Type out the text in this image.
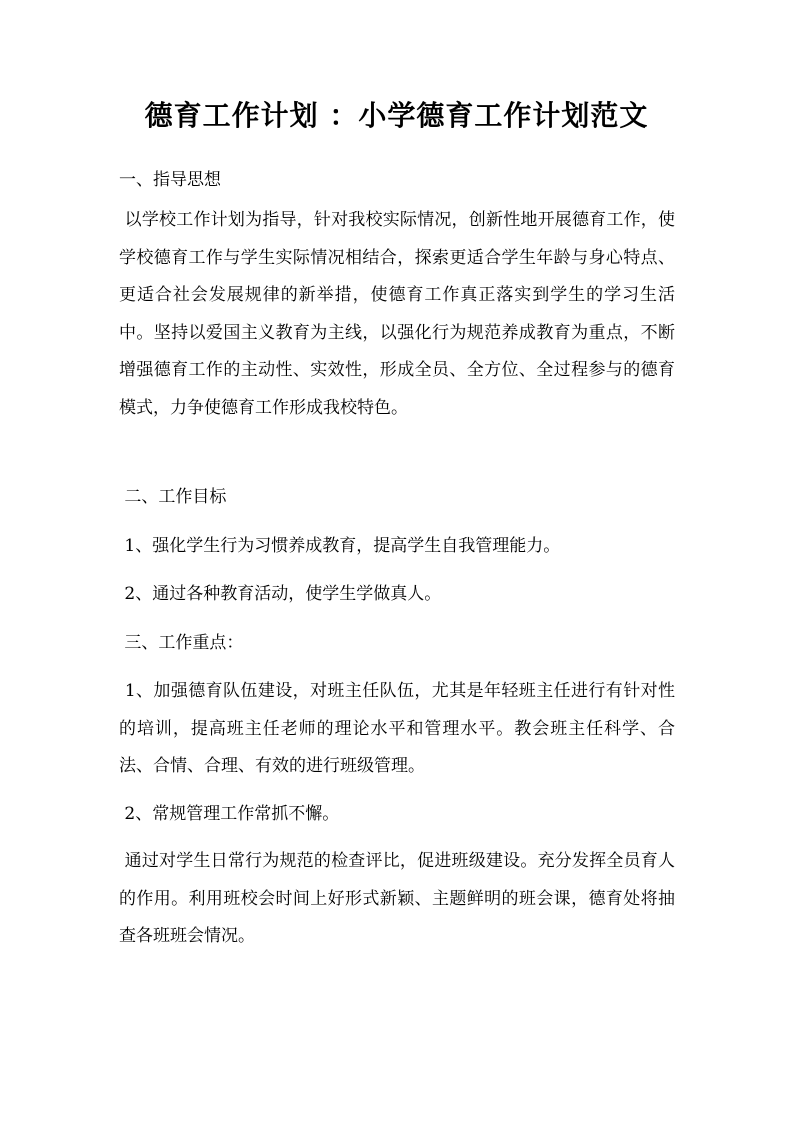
德育工作计划 ：小学德育工作计划范文
一、指导思想
以学校工作计划为指导，针对我校实际情况，创新性地开展德育工作，使学校德育工作与学生实际情况相结合，探索更适合学生年龄与身心特点、更适合社会发展规律的新举措，使德育工作真正落实到学生的学习生活中。坚持以爱国主义教育为主线，以强化行为规范养成教育为重点，不断增强德育工作的主动性、实效性，形成全员、全方位、全过程参与的德育模式，力争使德育工作形成我校特色。
二、工作目标
1、强化学生行为习惯养成教育，提高学生自我管理能力。
2、通过各种教育活动，使学生学做真人。
三、工作重点：
1、加强德育队伍建设，对班主任队伍，尤其是年轻班主任进行有针对性的培训，提高班主任老师的理论水平和管理水平。教会班主任科学、合法、合情、合理、有效的进行班级管理。
2、常规管理工作常抓不懈。
通过对学生日常行为规范的检查评比，促进班级建设。充分发挥全员育人的作用。利用班校会时间上好形式新颖、主题鲜明的班会课，德育处将抽查各班班会情况。
